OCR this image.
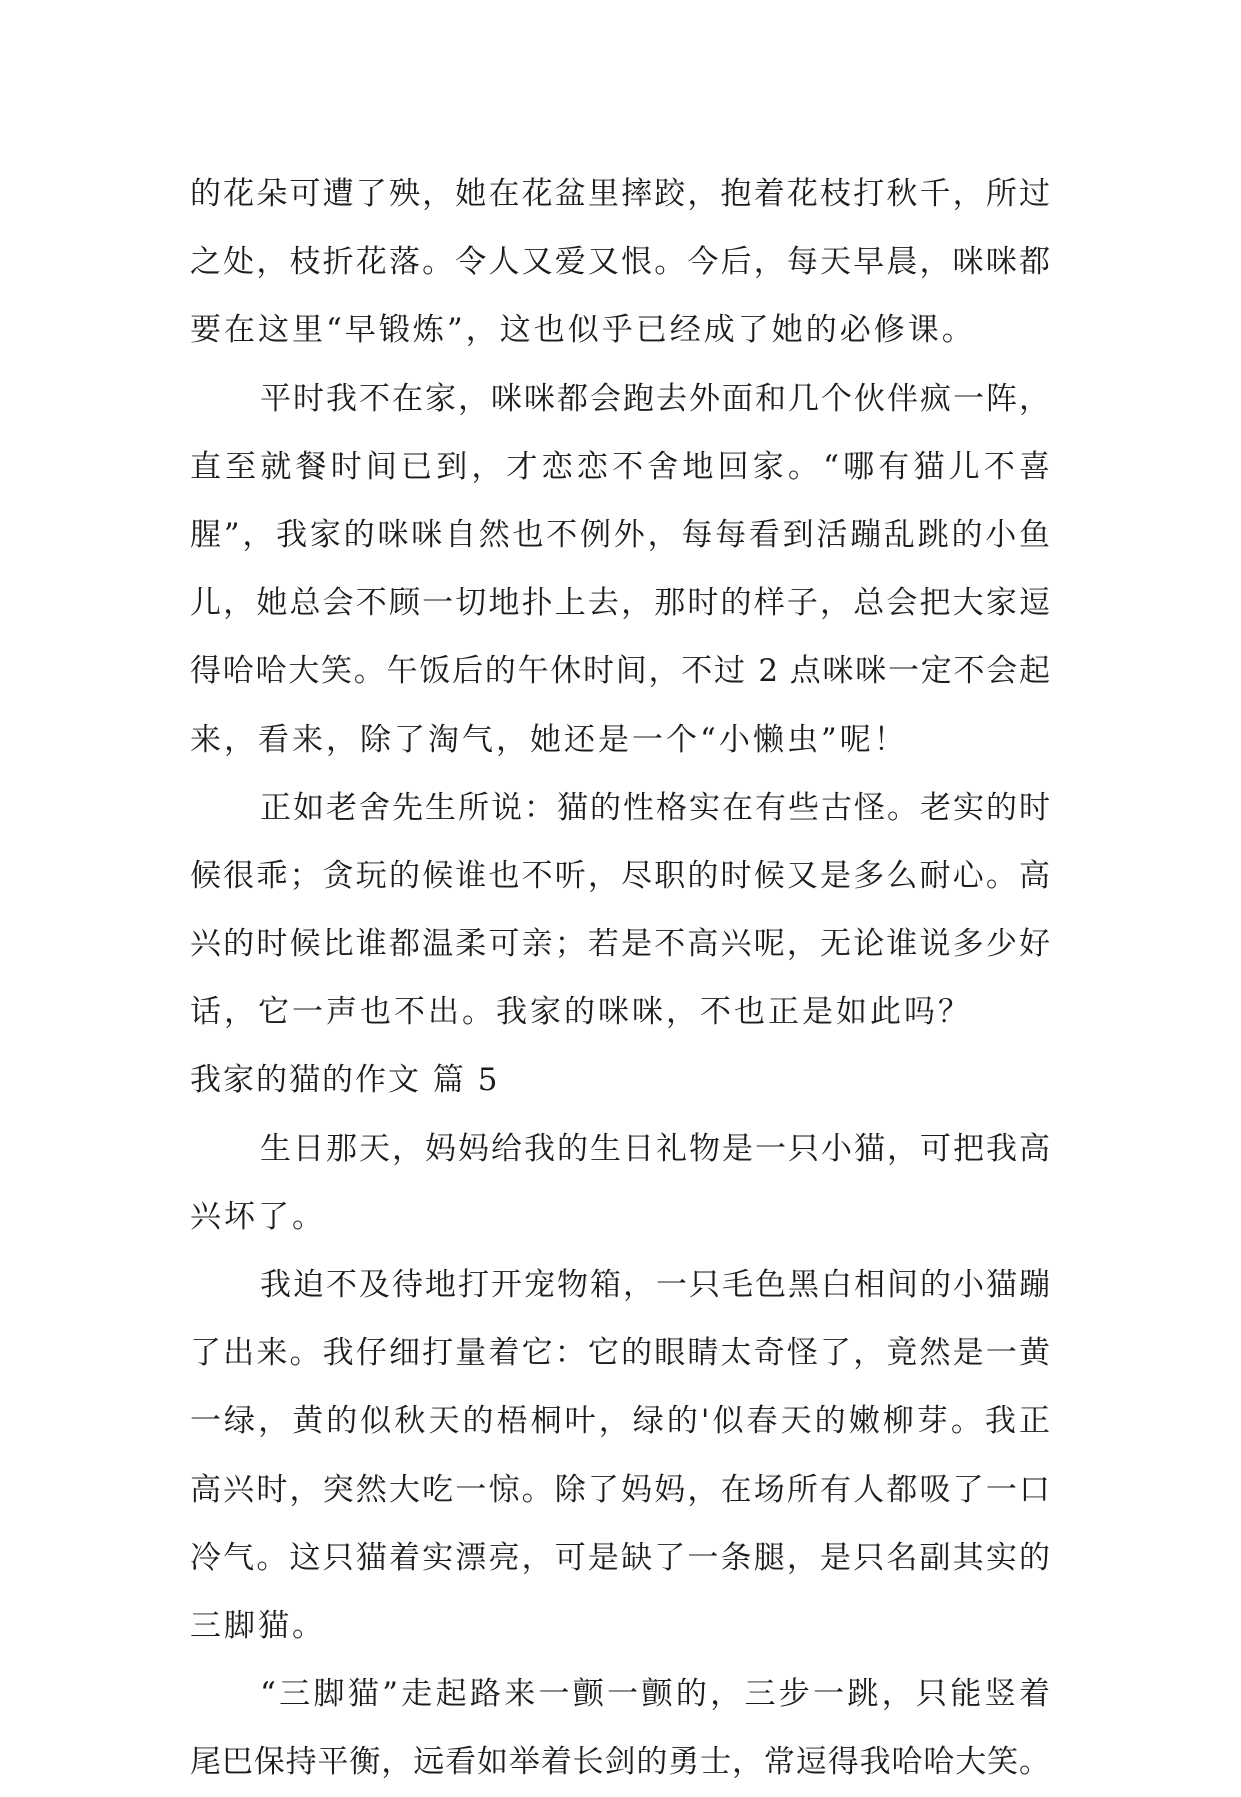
的花朵可遭了殃，她在花盆里摔跤，抱着花枝打秋千，所过
之处，枝折花落。令人又爱又恨。今后，每天早晨，咪咪都
要在这里“早锻炼”，这也似乎已经成了她的必修课。
平时我不在家，咪咪都会跑去外面和几个伙伴疯一阵，
直至就餐时间已到，才恋恋不舍地回家。“哪有猫儿不喜
腥”，我家的咪咪自然也不例外，每每看到活蹦乱跳的小鱼
儿，她总会不顾一切地扑上去，那时的样子，总会把大家逗
得哈哈大笑。午饭后的午休时间，不过 2 点咪咪一定不会起
来，看来，除了淘气，她还是一个“小懒虫”呢！
正如老舍先生所说：猫的性格实在有些古怪。老实的时
候很乖；贪玩的候谁也不听，尽职的时候又是多么耐心。高
兴的时候比谁都温柔可亲；若是不高兴呢，无论谁说多少好
话，它一声也不出。我家的咪咪，不也正是如此吗？
我家的猫的作文 篇 5
生日那天，妈妈给我的生日礼物是一只小猫，可把我高
兴坏了。
我迫不及待地打开宠物箱，一只毛色黑白相间的小猫蹦
了出来。我仔细打量着它：它的眼睛太奇怪了，竟然是一黄
一绿，黄的似秋天的梧桐叶，绿的'似春天的嫩柳芽。我正
高兴时，突然大吃一惊。除了妈妈，在场所有人都吸了一口
冷气。这只猫着实漂亮，可是缺了一条腿，是只名副其实的
三脚猫。
“三脚猫”走起路来一颤一颤的，三步一跳，只能竖着
尾巴保持平衡，远看如举着长剑的勇士，常逗得我哈哈大笑。
